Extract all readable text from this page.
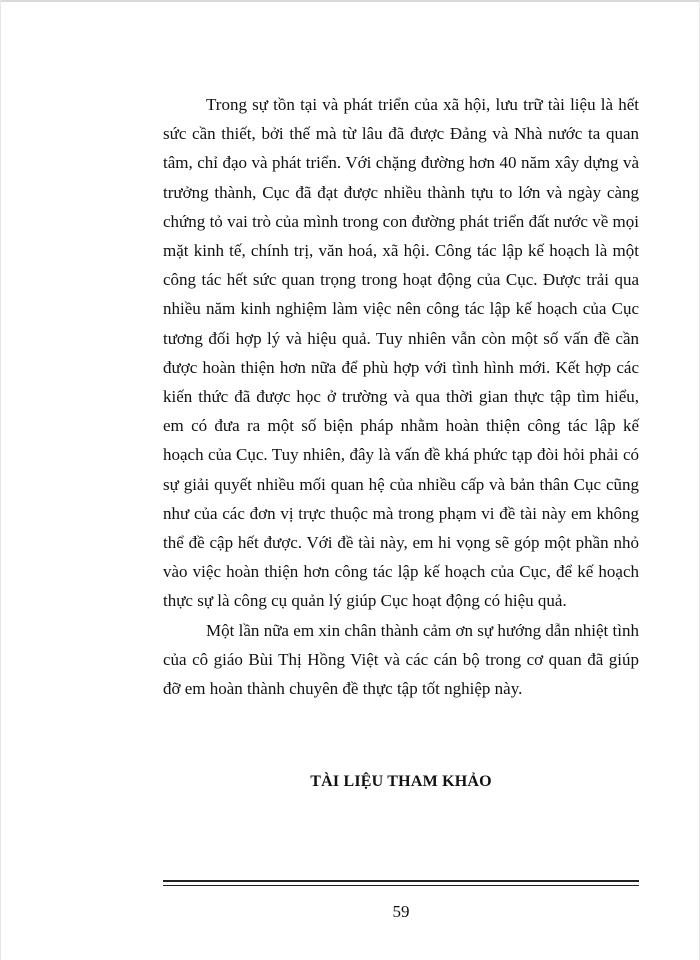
Trong sự tồn tại và phát triển của xã hội, lưu trữ tài liệu là hết sức cần thiết, bởi thế mà từ lâu đã được Đảng và Nhà nước ta quan tâm, chỉ đạo và phát triển. Với chặng đường hơn 40 năm xây dựng và trưởng thành, Cục đã đạt được nhiều thành tựu to lớn và ngày càng chứng tỏ vai trò của mình trong con đường phát triển đất nước về mọi mặt kinh tế, chính trị, văn hoá, xã hội. Công tác lập kế hoạch là một công tác hết sức quan trọng trong hoạt động của Cục. Được trải qua nhiều năm kinh nghiệm làm việc nên công tác lập kế hoạch của Cục tương đối hợp lý và hiệu quả. Tuy nhiên vẫn còn một số vấn đề cần được hoàn thiện hơn nữa để phù hợp với tình hình mới. Kết hợp các kiến thức đã được học ở trường và qua thời gian thực tập tìm hiểu, em có đưa ra một số biện pháp nhằm hoàn thiện công tác lập kế hoạch của Cục. Tuy nhiên, đây là vấn đề khá phức tạp đòi hỏi phải có sự giải quyết nhiều mối quan hệ của nhiều cấp và bản thân Cục cũng như của các đơn vị trực thuộc mà trong phạm vi đề tài này em không thể đề cập hết được. Với đề tài này, em hi vọng sẽ góp một phần nhỏ vào việc hoàn thiện hơn công tác lập kế hoạch của Cục, để kế hoạch thực sự là công cụ quản lý giúp Cục hoạt động có hiệu quả.

Một lần nữa em xin chân thành cảm ơn sự hướng dẫn nhiệt tình của cô giáo Bùi Thị Hồng Việt và các cán bộ trong cơ quan đã giúp đỡ em hoàn thành chuyên đề thực tập tốt nghiệp này.

TÀI LIỆU THAM KHẢO
59
